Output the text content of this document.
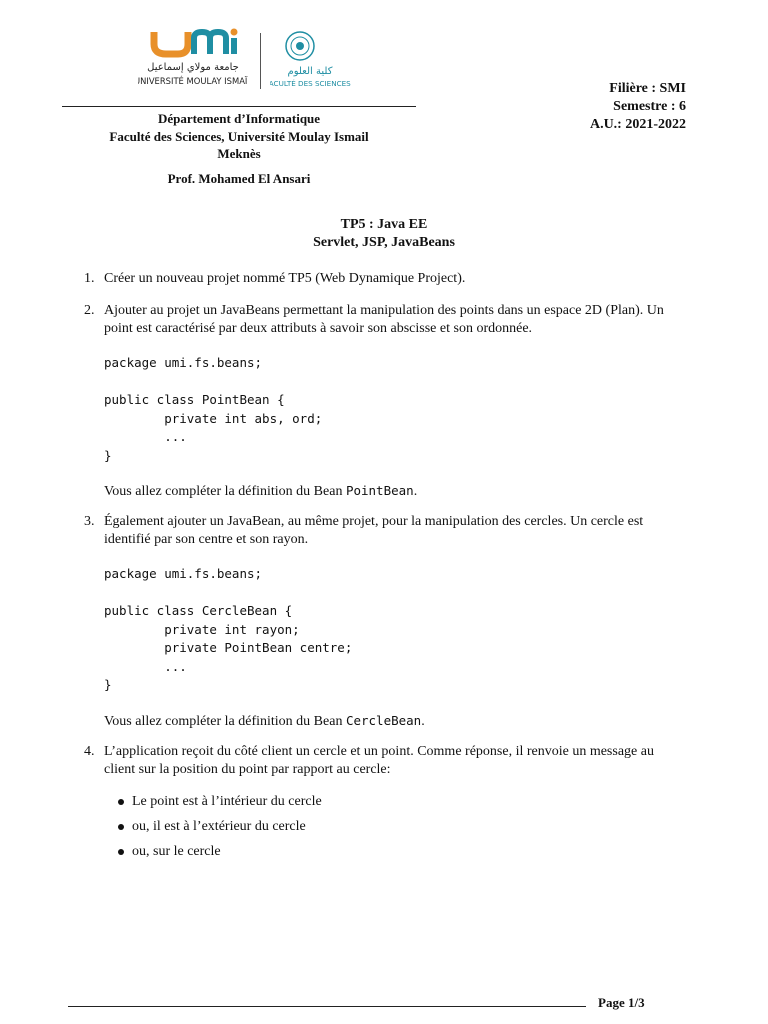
جامعة مولاي إسماعيل
UNIVERSITÉ MOULAY ISMAÏL
كلية العلوم
FACULTÉ DES SCIENCES
Département d’Informatique
Faculté des Sciences, Université Moulay Ismail
Meknès
Prof. Mohamed El Ansari
Filière : SMI
Semestre : 6
A.U.: 2021-2022
TP5 : Java EE
Servlet, JSP, JavaBeans
1. Créer un nouveau projet nommé TP5 (Web Dynamique Project).
2. Ajouter au projet un JavaBeans permettant la manipulation des points dans un espace 2D (Plan). Un point est caractérisé par deux attributs à savoir son abscisse et son ordonnée.
package umi.fs.beans;

public class PointBean {
private int abs, ord;
...
}
Vous allez compléter la définition du Bean PointBean.
3. Également ajouter un JavaBean, au même projet, pour la manipulation des cercles. Un cercle est identifié par son centre et son rayon.
package umi.fs.beans;

public class CercleBean {
private int rayon;
private PointBean centre;
...
}
Vous allez compléter la définition du Bean CercleBean.
4. L’application reçoit du côté client un cercle et un point. Comme réponse, il renvoie un message au client sur la position du point par rapport au cercle:
Le point est à l’intérieur du cercle
ou, il est à l’extérieur du cercle
ou, sur le cercle
Page 1/3
